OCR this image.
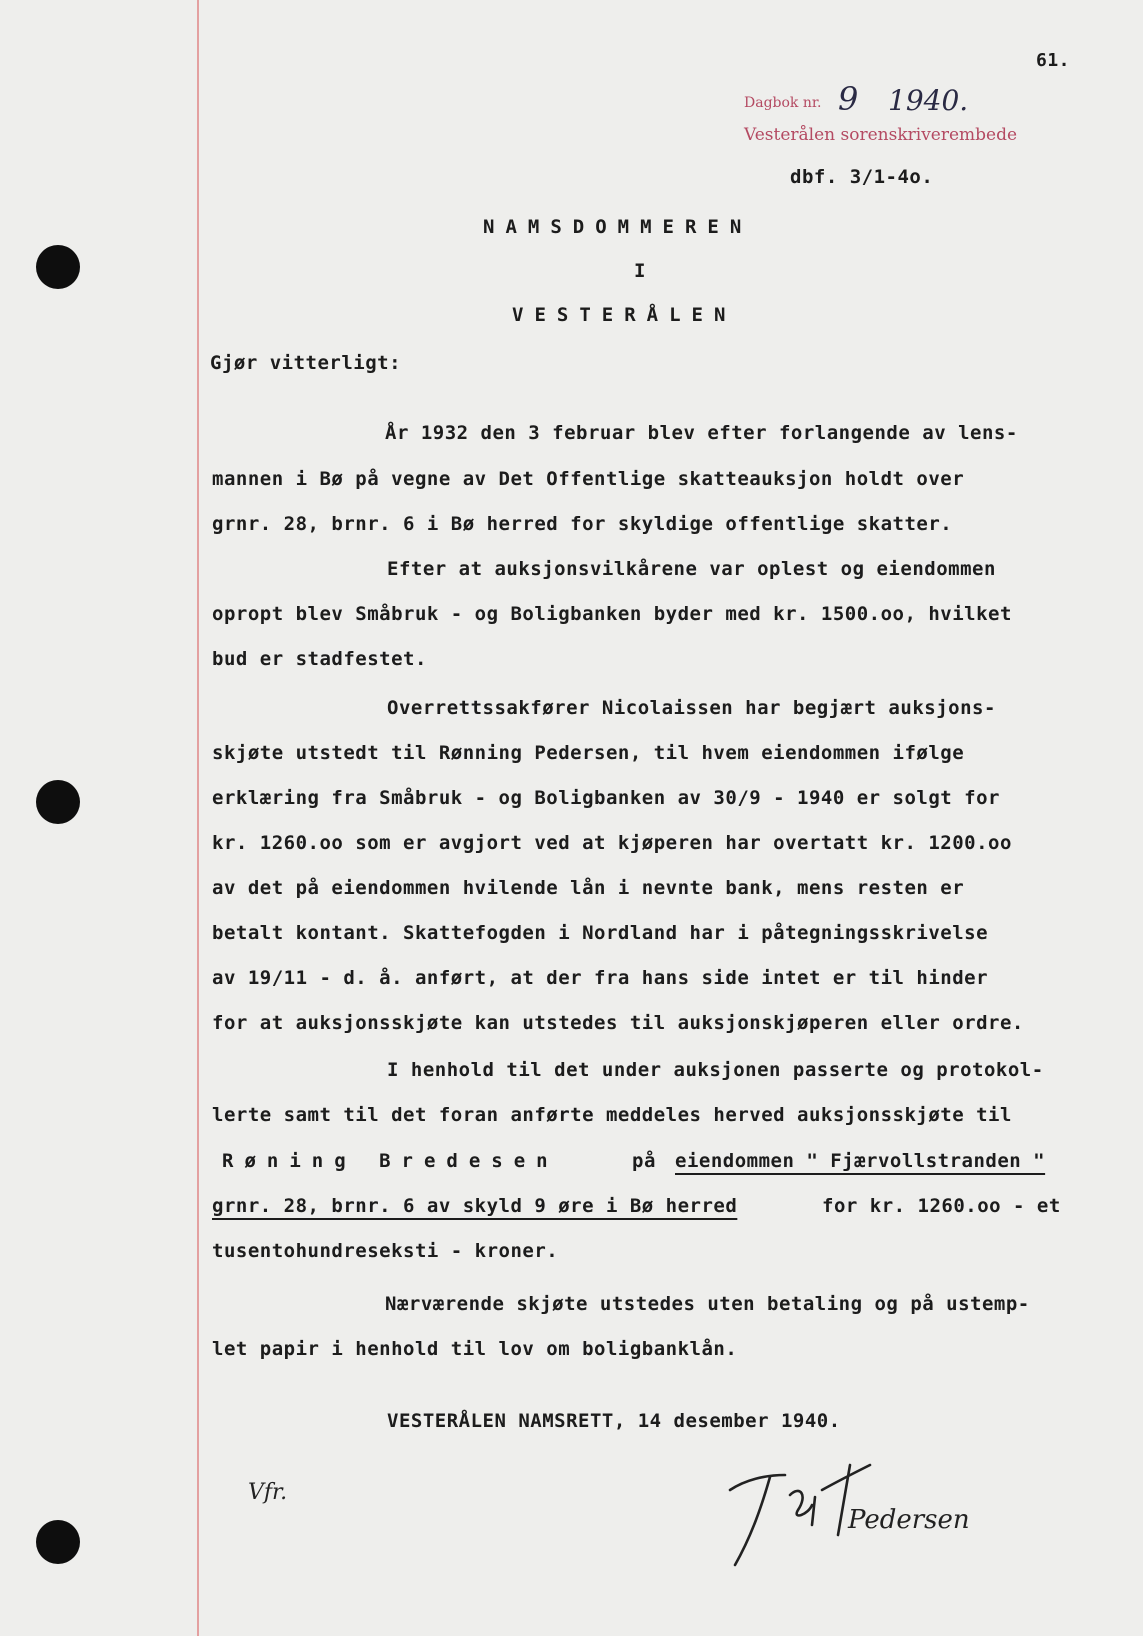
61.

Dagbok nr. 9 1940.

Vesterålen sorenskriverembede

dbf. 3/1-4o.

NAMSDOMMEREN

I

VESTERÅLEN

Gjør vitterligt:

År 1932 den 3 februar blev efter forlangende av lens-

mannen i Bø på vegne av Det Offentlige skatteauksjon holdt over

grnr. 28, brnr. 6 i Bø herred for skyldige offentlige skatter.

Efter at auksjonsvilkårene var oplest og eiendommen

opropt blev Småbruk - og Boligbanken byder med kr. 1500.oo, hvilket

bud er stadfestet.

Overrettssakfører Nicolaissen har begjært auksjons-

skjøte utstedt til Rønning Pedersen, til hvem eiendommen ifølge

erklæring fra Småbruk - og Boligbanken av 30/9 - 1940 er solgt for

kr. 1260.oo som er avgjort ved at kjøperen har overtatt kr. 1200.oo

av det på eiendommen hvilende lån i nevnte bank, mens resten er

betalt kontant. Skattefogden i Nordland har i påtegningsskrivelse

av 19/11 - d. å. anført, at der fra hans side intet er til hinder

for at auksjonsskjøte kan utstedes til auksjonskjøperen eller ordre.

I henhold til det under auksjonen passerte og protokol-

lerte samt til det foran anførte meddeles herved auksjonsskjøte til

Røning Bredesen	på eiendommen " Fjærvollstranden "

grnr. 28, brnr. 6 av skyld 9 øre i Bø herred	for kr. 1260.oo - et

tusentohundreseksti - kroner.

Nærværende skjøte utstedes uten betaling og på ustemp-

let papir i henhold til lov om boligbanklån.

VESTERÅLEN NAMSRETT, 14 desember 1940.

Vfr.

Pedersen
